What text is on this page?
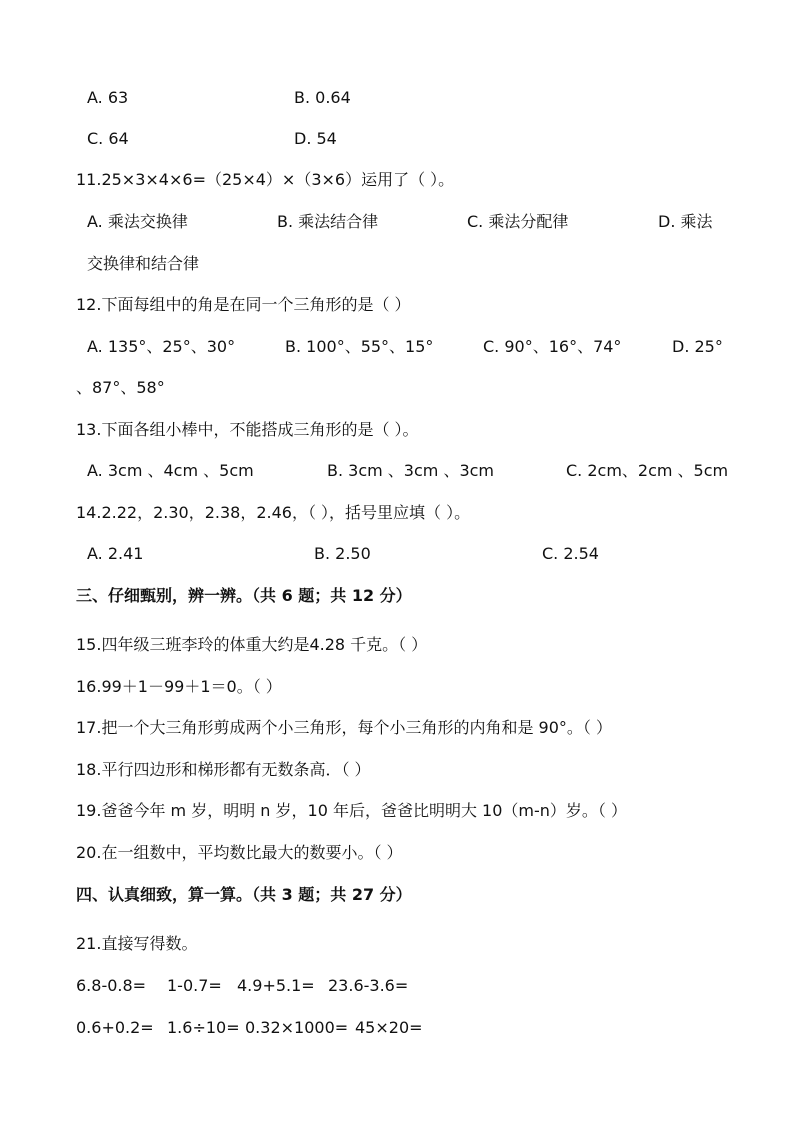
A. 63	B. 0.64
C. 64	D. 54
11.25×3×4×6=（25×4）×（3×6）运用了（ ）。
A. 乘法交换律	B. 乘法结合律	C. 乘法分配律	D. 乘法
交换律和结合律
12.下面每组中的角是在同一个三角形的是（ ）
A. 135°、25°、30°	B. 100°、55°、15°	C. 90°、16°、74°	D. 25°
、87°、58°
13.下面各组小棒中，不能搭成三角形的是（ ）。
A. 3cm 、4cm 、5cm	B. 3cm 、3cm 、3cm	C. 2cm、2cm 、5cm
14.2.22，2.30，2.38，2.46，（ ），括号里应填（ ）。
A. 2.41	B. 2.50	C. 2.54
三、仔细甄别，辨一辨。（共 6 题；共 12 分）
15.四年级三班李玲的体重大约是4.28 千克。（ ）
16.99＋1－99＋1＝0。（ ）
17.把一个大三角形剪成两个小三角形，每个小三角形的内角和是 90°。（ ）
18.平行四边形和梯形都有无数条高．（ ）
19.爸爸今年 m 岁，明明 n 岁，10 年后，爸爸比明明大 10（m-n）岁。（ ）
20.在一组数中，平均数比最大的数要小。（ ）
四、认真细致，算一算。（共 3 题；共 27 分）
21.直接写得数。
6.8-0.8= 1-0.7= 4.9+5.1= 23.6-3.6=
0.6+0.2= 1.6÷10= 0.32×1000= 45×20=
